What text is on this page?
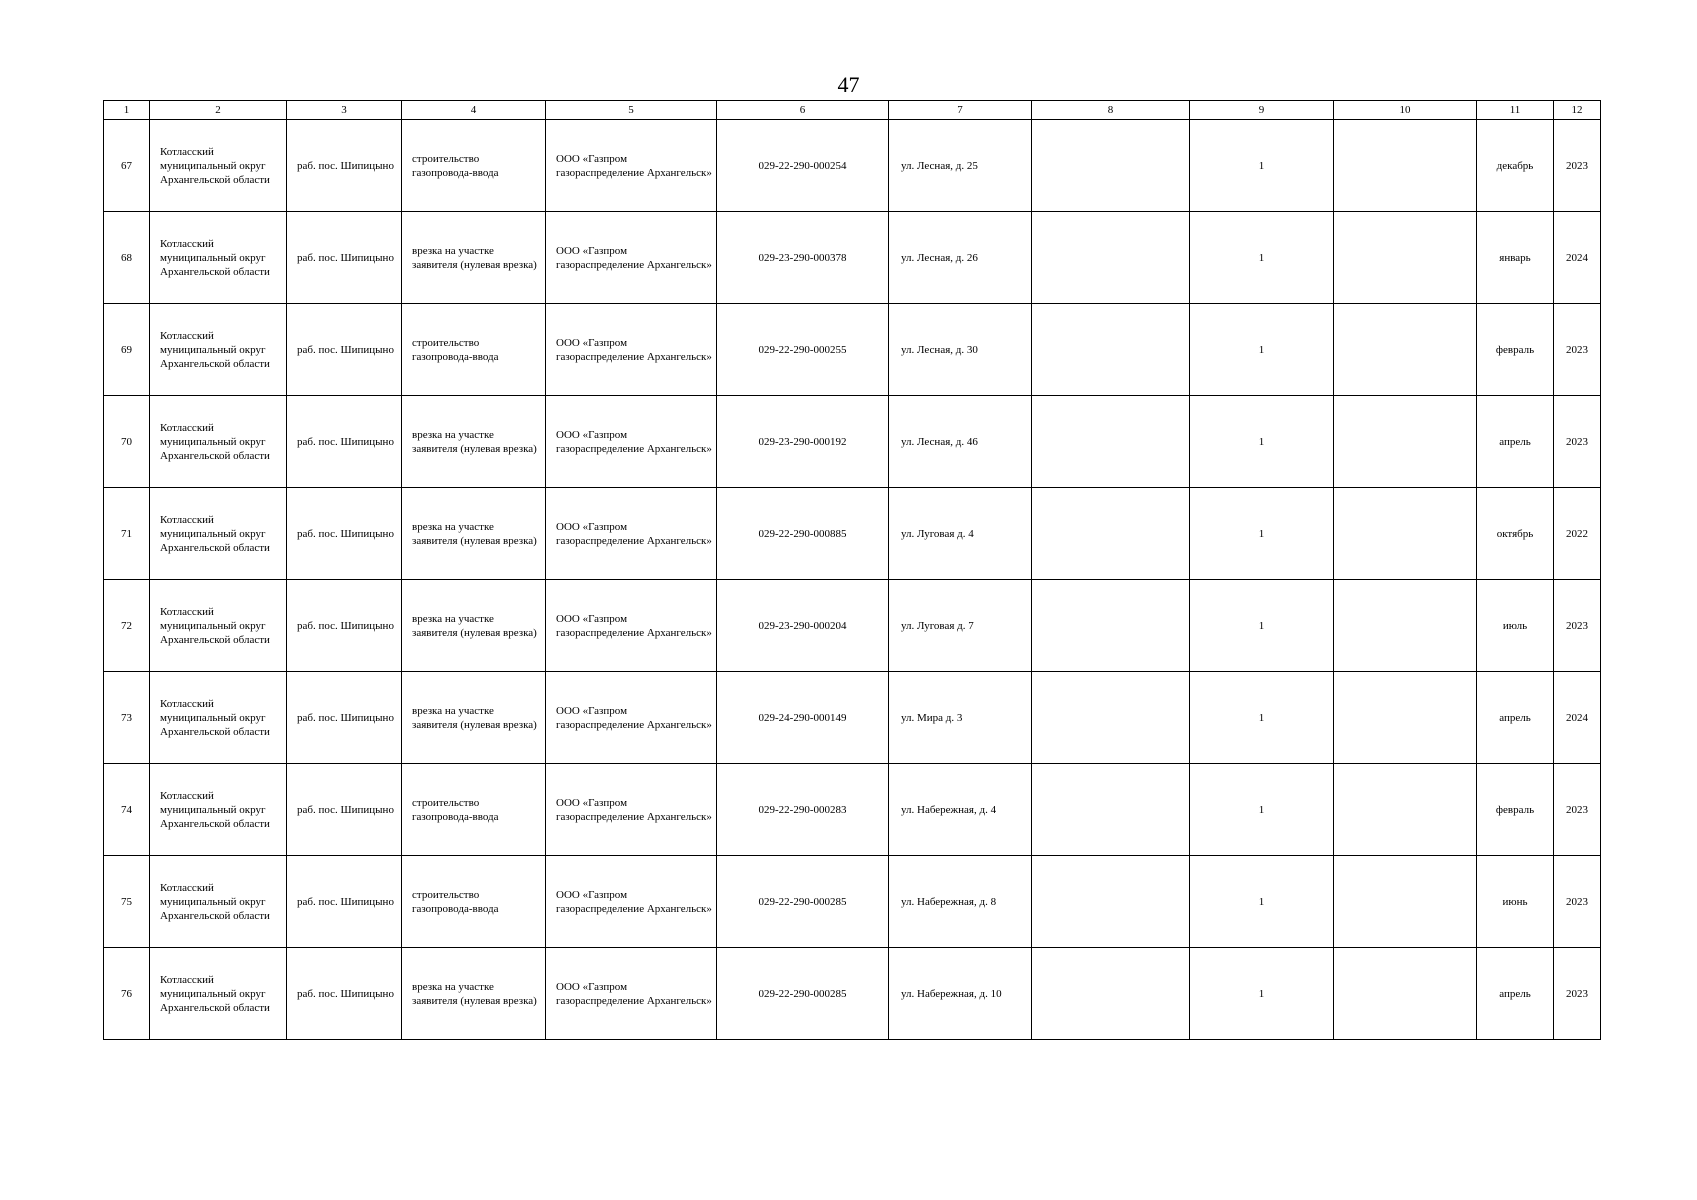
47
1	2	3	4	5	6	7	8	9	10	11	12
67	Котласский муниципальный округ Архангельской области	раб. пос. Шипицыно	строительство газопровода-ввода	ООО «Газпром газораспределение Архангельск»	029-22-290-000254	ул. Лесная, д. 25		1		декабрь	2023
68	Котласский муниципальный округ Архангельской области	раб. пос. Шипицыно	врезка на участке заявителя (нулевая врезка)	ООО «Газпром газораспределение Архангельск»	029-23-290-000378	ул. Лесная, д. 26		1		январь	2024
69	Котласский муниципальный округ Архангельской области	раб. пос. Шипицыно	строительство газопровода-ввода	ООО «Газпром газораспределение Архангельск»	029-22-290-000255	ул. Лесная, д. 30		1		февраль	2023
70	Котласский муниципальный округ Архангельской области	раб. пос. Шипицыно	врезка на участке заявителя (нулевая врезка)	ООО «Газпром газораспределение Архангельск»	029-23-290-000192	ул. Лесная, д. 46		1		апрель	2023
71	Котласский муниципальный округ Архангельской области	раб. пос. Шипицыно	врезка на участке заявителя (нулевая врезка)	ООО «Газпром газораспределение Архангельск»	029-22-290-000885	ул. Луговая д. 4		1		октябрь	2022
72	Котласский муниципальный округ Архангельской области	раб. пос. Шипицыно	врезка на участке заявителя (нулевая врезка)	ООО «Газпром газораспределение Архангельск»	029-23-290-000204	ул. Луговая д. 7		1		июль	2023
73	Котласский муниципальный округ Архангельской области	раб. пос. Шипицыно	врезка на участке заявителя (нулевая врезка)	ООО «Газпром газораспределение Архангельск»	029-24-290-000149	ул. Мира д. 3		1		апрель	2024
74	Котласский муниципальный округ Архангельской области	раб. пос. Шипицыно	строительство газопровода-ввода	ООО «Газпром газораспределение Архангельск»	029-22-290-000283	ул. Набережная, д. 4		1		февраль	2023
75	Котласский муниципальный округ Архангельской области	раб. пос. Шипицыно	строительство газопровода-ввода	ООО «Газпром газораспределение Архангельск»	029-22-290-000285	ул. Набережная, д. 8		1		июнь	2023
76	Котласский муниципальный округ Архангельской области	раб. пос. Шипицыно	врезка на участке заявителя (нулевая врезка)	ООО «Газпром газораспределение Архангельск»	029-22-290-000285	ул. Набережная, д. 10		1		апрель	2023
